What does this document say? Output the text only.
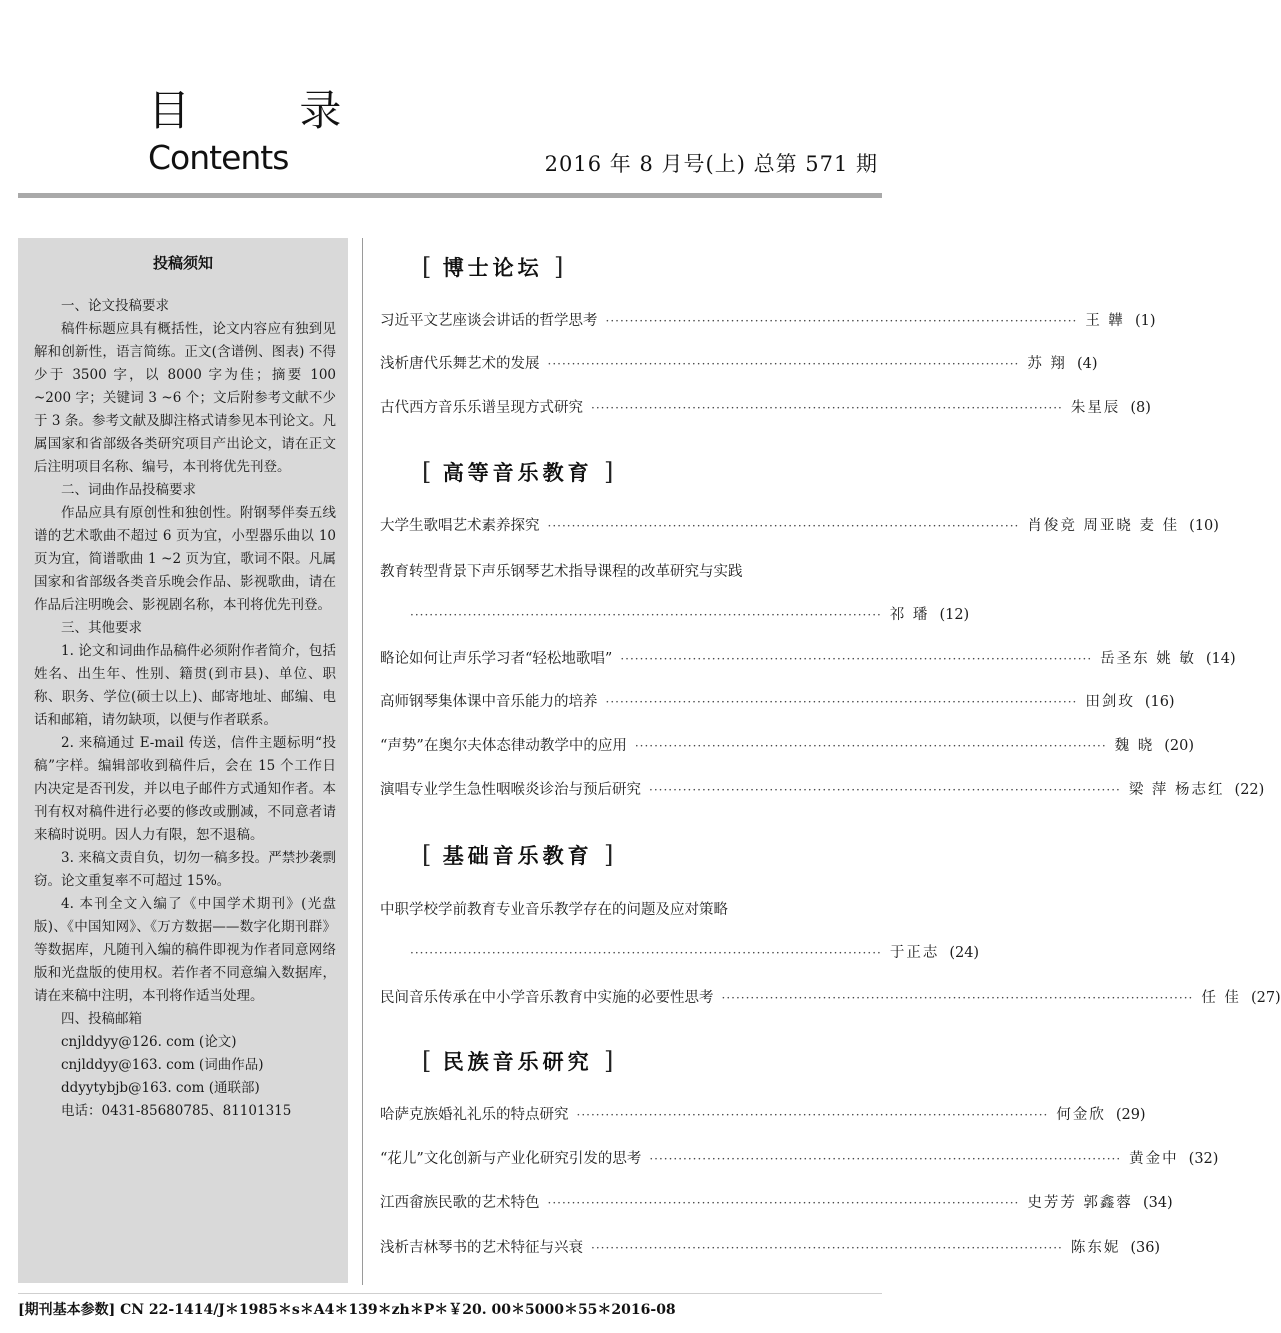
目 录
Contents	2016 年 8 月号(上) 总第 571 期
投稿须知

一、论文投稿要求

稿件标题应具有概括性，论文内容应有独到见解和创新性，语言简练。正文(含谱例、图表) 不得少于 3500 字，以 8000 字为佳；摘要 100 ~200 字；关键词 3 ~6 个；文后附参考文献不少于 3 条。参考文献及脚注格式请参见本刊论文。凡属国家和省部级各类研究项目产出论文，请在正文后注明项目名称、编号，本刊将优先刊登。

二、词曲作品投稿要求

作品应具有原创性和独创性。附钢琴伴奏五线谱的艺术歌曲不超过 6 页为宜，小型器乐曲以 10 页为宜，简谱歌曲 1 ~2 页为宜，歌词不限。凡属国家和省部级各类音乐晚会作品、影视歌曲，请在作品后注明晚会、影视剧名称，本刊将优先刊登。

三、其他要求

1. 论文和词曲作品稿件必须附作者简介，包括姓名、出生年、性别、籍贯(到市县)、单位、职称、职务、学位(硕士以上)、邮寄地址、邮编、电话和邮箱，请勿缺项，以便与作者联系。

2. 来稿通过 E-mail 传送，信件主题标明“投稿”字样。编辑部收到稿件后，会在 15 个工作日内决定是否刊发，并以电子邮件方式通知作者。本刊有权对稿件进行必要的修改或删减，不同意者请来稿时说明。因人力有限，恕不退稿。

3. 来稿文责自负，切勿一稿多投。严禁抄袭剽窃。论文重复率不可超过 15%。

4. 本刊全文入编了《中国学术期刊》(光盘版)、《中国知网》、《万方数据——数字化期刊群》等数据库，凡随刊入编的稿件即视为作者同意网络版和光盘版的使用权。若作者不同意编入数据库，请在来稿中注明，本刊将作适当处理。

四、投稿邮箱

cnjlddyy@126. com (论文)

cnjlddyy@163. com (词曲作品)

ddyytybjb@163. com (通联部)

电话：0431-85680785、81101315

[ 博士论坛 ]
习近平文艺座谈会讲话的哲学思考 ·································································································· 王 韡 (1)
浅析唐代乐舞艺术的发展 ·································································································· 苏 翔 (4)
古代西方音乐乐谱呈现方式研究 ·································································································· 朱星辰 (8)
[ 高等音乐教育 ]
大学生歌唱艺术素养探究 ·································································································· 肖俊竞 周亚晓 麦 佳 (10)
教育转型背景下声乐钢琴艺术指导课程的改革研究与实践
·································································································· 祁 璠 (12)
略论如何让声乐学习者“轻松地歌唱” ·································································································· 岳圣东 姚 敏 (14)
高师钢琴集体课中音乐能力的培养 ·································································································· 田剑玫 (16)
“声势”在奥尔夫体态律动教学中的应用 ·································································································· 魏 晓 (20)
演唱专业学生急性咽喉炎诊治与预后研究 ·································································································· 梁 萍 杨志红 (22)
[ 基础音乐教育 ]
中职学校学前教育专业音乐教学存在的问题及应对策略
·································································································· 于正志 (24)
民间音乐传承在中小学音乐教育中实施的必要性思考 ·································································································· 任 佳 (27)
[ 民族音乐研究 ]
哈萨克族婚礼礼乐的特点研究 ·································································································· 何金欣 (29)
“花儿”文化创新与产业化研究引发的思考 ·································································································· 黄金中 (32)
江西畲族民歌的艺术特色 ·································································································· 史芳芳 郭鑫蓉 (34)
浅析吉林琴书的艺术特征与兴衰 ·································································································· 陈东妮 (36)
[期刊基本参数] CN 22-1414/J＊1985＊s＊A4＊139＊zh＊P＊￥20. 00＊5000＊55＊2016-08
